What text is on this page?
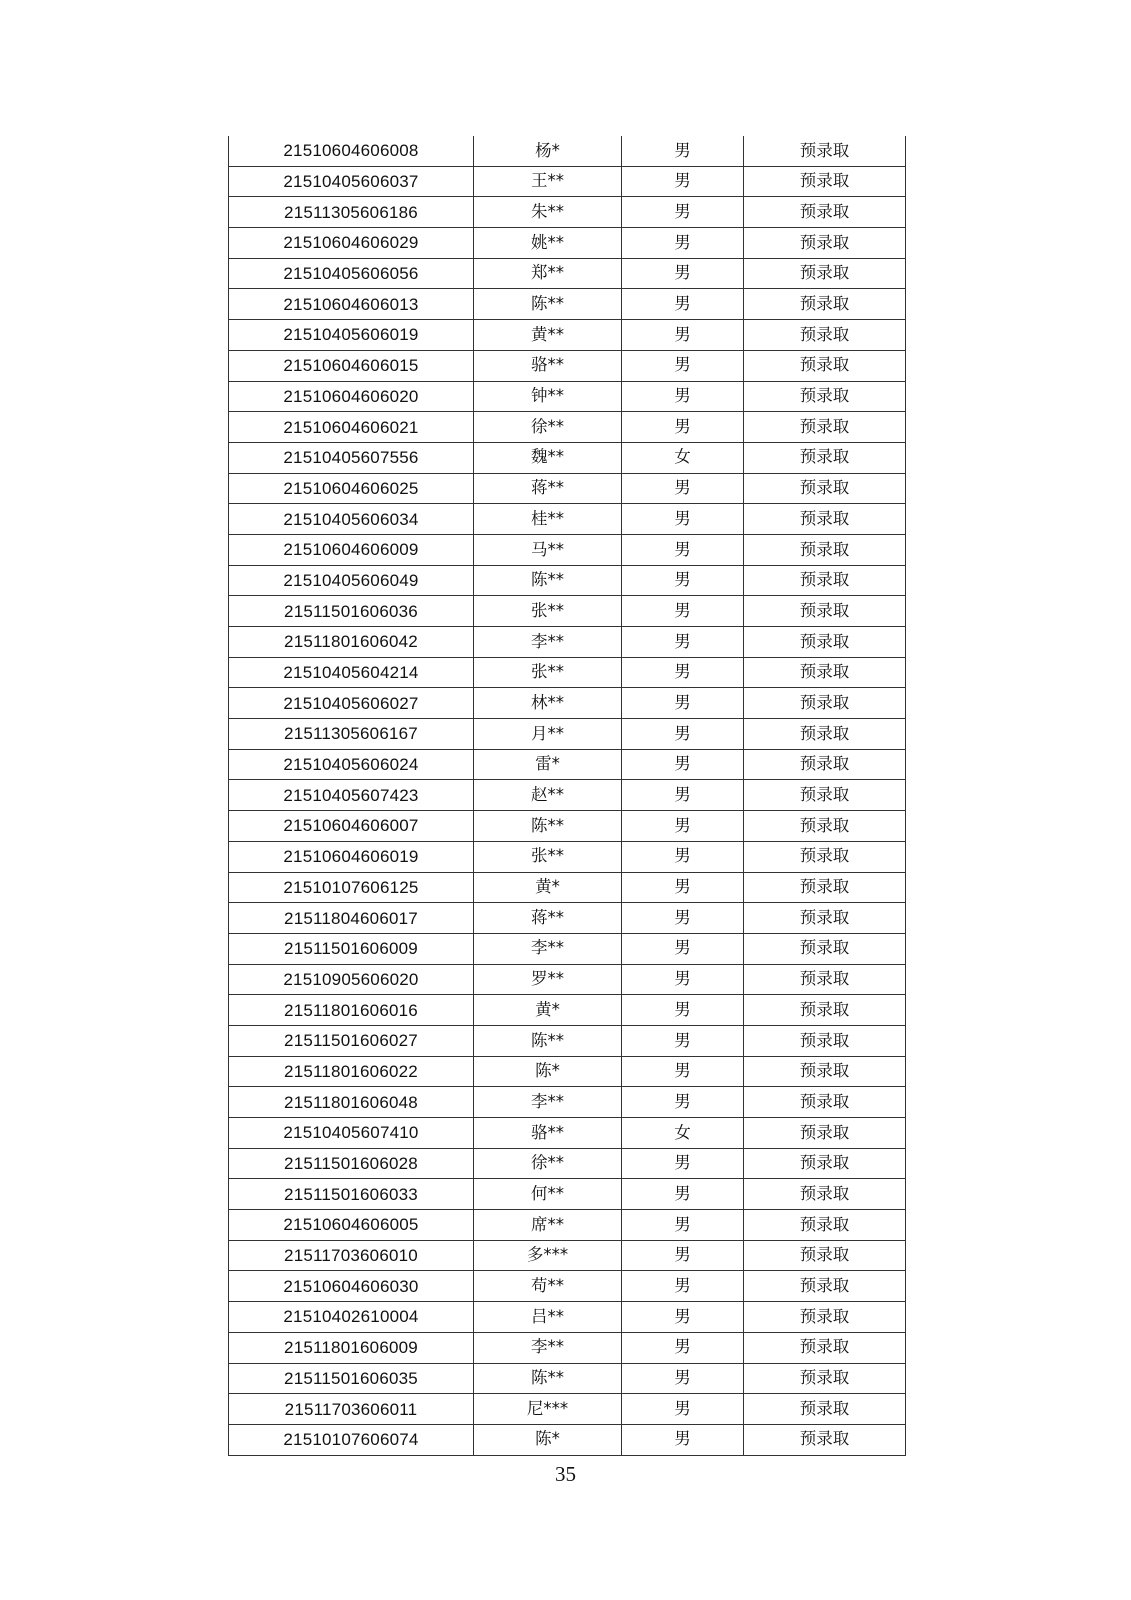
21510604606008	杨*	男	预录取
21510405606037	王**	男	预录取
21511305606186	朱**	男	预录取
21510604606029	姚**	男	预录取
21510405606056	郑**	男	预录取
21510604606013	陈**	男	预录取
21510405606019	黄**	男	预录取
21510604606015	骆**	男	预录取
21510604606020	钟**	男	预录取
21510604606021	徐**	男	预录取
21510405607556	魏**	女	预录取
21510604606025	蒋**	男	预录取
21510405606034	桂**	男	预录取
21510604606009	马**	男	预录取
21510405606049	陈**	男	预录取
21511501606036	张**	男	预录取
21511801606042	李**	男	预录取
21510405604214	张**	男	预录取
21510405606027	林**	男	预录取
21511305606167	月**	男	预录取
21510405606024	雷*	男	预录取
21510405607423	赵**	男	预录取
21510604606007	陈**	男	预录取
21510604606019	张**	男	预录取
21510107606125	黄*	男	预录取
21511804606017	蒋**	男	预录取
21511501606009	李**	男	预录取
21510905606020	罗**	男	预录取
21511801606016	黄*	男	预录取
21511501606027	陈**	男	预录取
21511801606022	陈*	男	预录取
21511801606048	李**	男	预录取
21510405607410	骆**	女	预录取
21511501606028	徐**	男	预录取
21511501606033	何**	男	预录取
21510604606005	席**	男	预录取
21511703606010	多***	男	预录取
21510604606030	苟**	男	预录取
21510402610004	吕**	男	预录取
21511801606009	李**	男	预录取
21511501606035	陈**	男	预录取
21511703606011	尼***	男	预录取
21510107606074	陈*	男	预录取
35
